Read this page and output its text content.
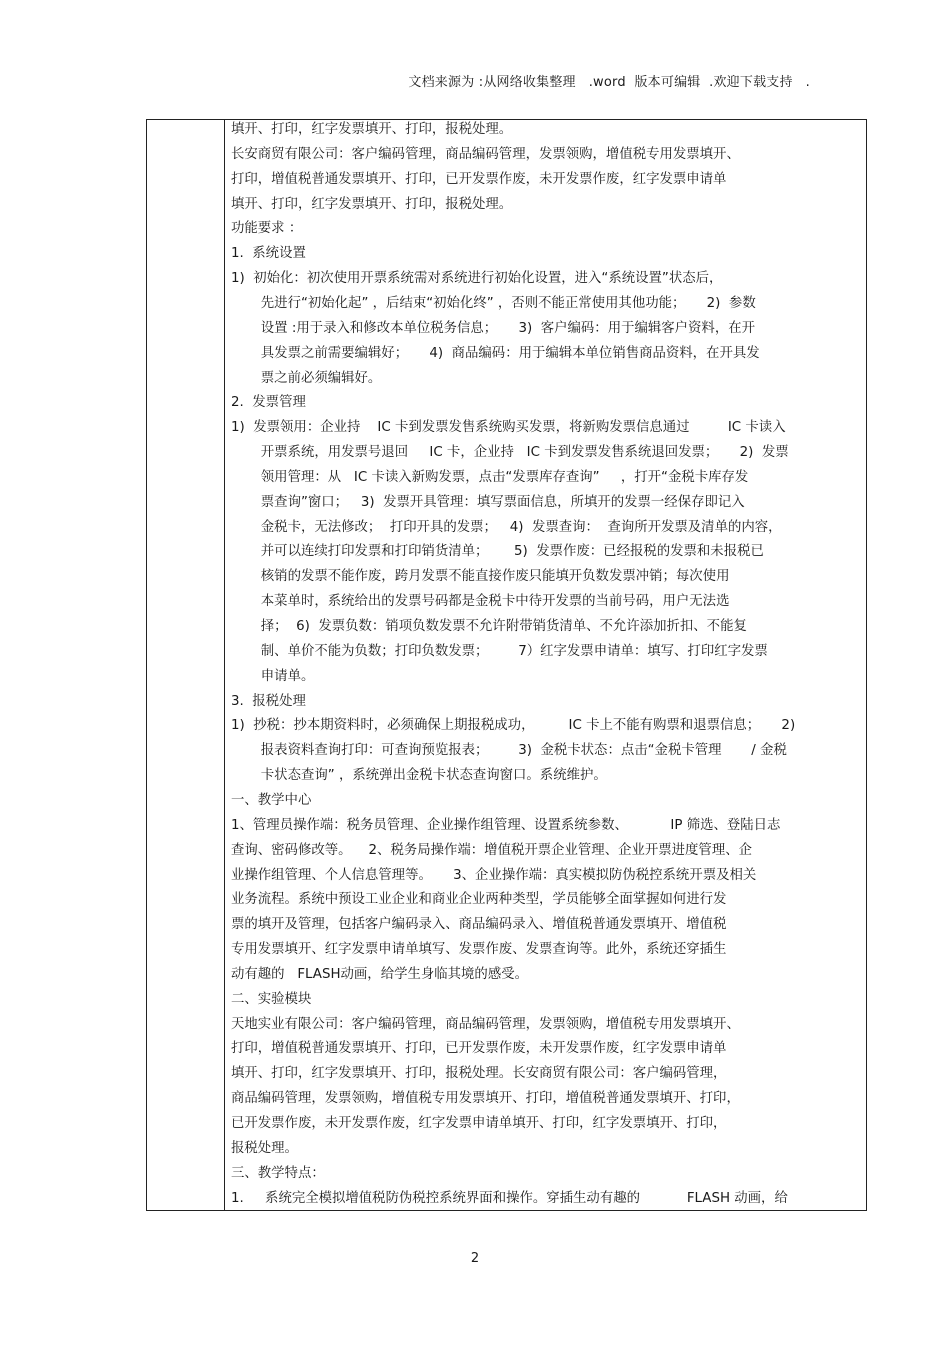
文档来源为 :从网络收集整理   .word  版本可编辑  .欢迎下载支持   .
填开、打印，红字发票填开、打印，报税处理。
长安商贸有限公司：客户编码管理，商品编码管理，发票领购，增值税专用发票填开、
打印，增值税普通发票填开、打印，已开发票作废，未开发票作废，红字发票申请单
填开、打印，红字发票填开、打印，报税处理。
功能要求 ：
1.  系统设置
1)  初始化：初次使用开票系统需对系统进行初始化设置，进入“系统设置”状态后，
先进行“初始化起” ，后结束“初始化终” ，否则不能正常使用其他功能；     2)  参数
设置 :用于录入和修改本单位税务信息；     3)  客户编码：用于编辑客户资料，在开
具发票之前需要编辑好；     4)  商品编码：用于编辑本单位销售商品资料，在开具发
票之前必须编辑好。
2.  发票管理
1)  发票领用：企业持    IC 卡到发票发售系统购买发票，将新购发票信息通过         IC 卡读入
开票系统，用发票号退回     IC 卡，企业持   IC 卡到发票发售系统退回发票；     2)  发票
领用管理：从   IC 卡读入新购发票，点击“发票库存查询”     ，打开“金税卡库存发
票查询”窗口；   3)  发票开具管理：填写票面信息，所填开的发票一经保存即记入
金税卡，无法修改；  打印开具的发票；   4)  发票查询：  查询所开发票及清单的内容，
并可以连续打印发票和打印销货清单；      5)  发票作废：已经报税的发票和未报税已
核销的发票不能作废，跨月发票不能直接作废只能填开负数发票冲销；每次使用
本菜单时，系统给出的发票号码都是金税卡中待开发票的当前号码，用户无法选
择；  6)  发票负数：销项负数发票不允许附带销货清单、不允许添加折扣、不能复
制、单价不能为负数；打印负数发票；       7）红字发票申请单：填写、打印红字发票
申请单。
3.  报税处理
1)  抄税：抄本期资料时，必须确保上期报税成功，        IC 卡上不能有购票和退票信息；     2)
报表资料查询打印：可查询预览报表；       3)  金税卡状态：点击“金税卡管理       / 金税
卡状态查询” ，系统弹出金税卡状态查询窗口。系统维护。
一、教学中心
1、管理员操作端：税务员管理、企业操作组管理、设置系统参数、          IP 筛选、登陆日志
查询、密码修改等。    2、税务局操作端：增值税开票企业管理、企业开票进度管理、企
业操作组管理、个人信息管理等。     3、企业操作端：真实模拟防伪税控系统开票及相关
业务流程。系统中预设工业企业和商业企业两种类型，学员能够全面掌握如何进行发
票的填开及管理，包括客户编码录入、商品编码录入、增值税普通发票填开、增值税
专用发票填开、红字发票申请单填写、发票作废、发票查询等。此外，系统还穿插生
动有趣的   FLASH动画，给学生身临其境的感受。
二、实验模块
天地实业有限公司：客户编码管理，商品编码管理，发票领购，增值税专用发票填开、
打印，增值税普通发票填开、打印，已开发票作废，未开发票作废，红字发票申请单
填开、打印，红字发票填开、打印，报税处理。长安商贸有限公司：客户编码管理，
商品编码管理，发票领购，增值税专用发票填开、打印，增值税普通发票填开、打印，
已开发票作废，未开发票作废，红字发票申请单填开、打印，红字发票填开、打印，
报税处理。
三、教学特点：
1.     系统完全模拟增值税防伪税控系统界面和操作。穿插生动有趣的           FLASH 动画，给
2
